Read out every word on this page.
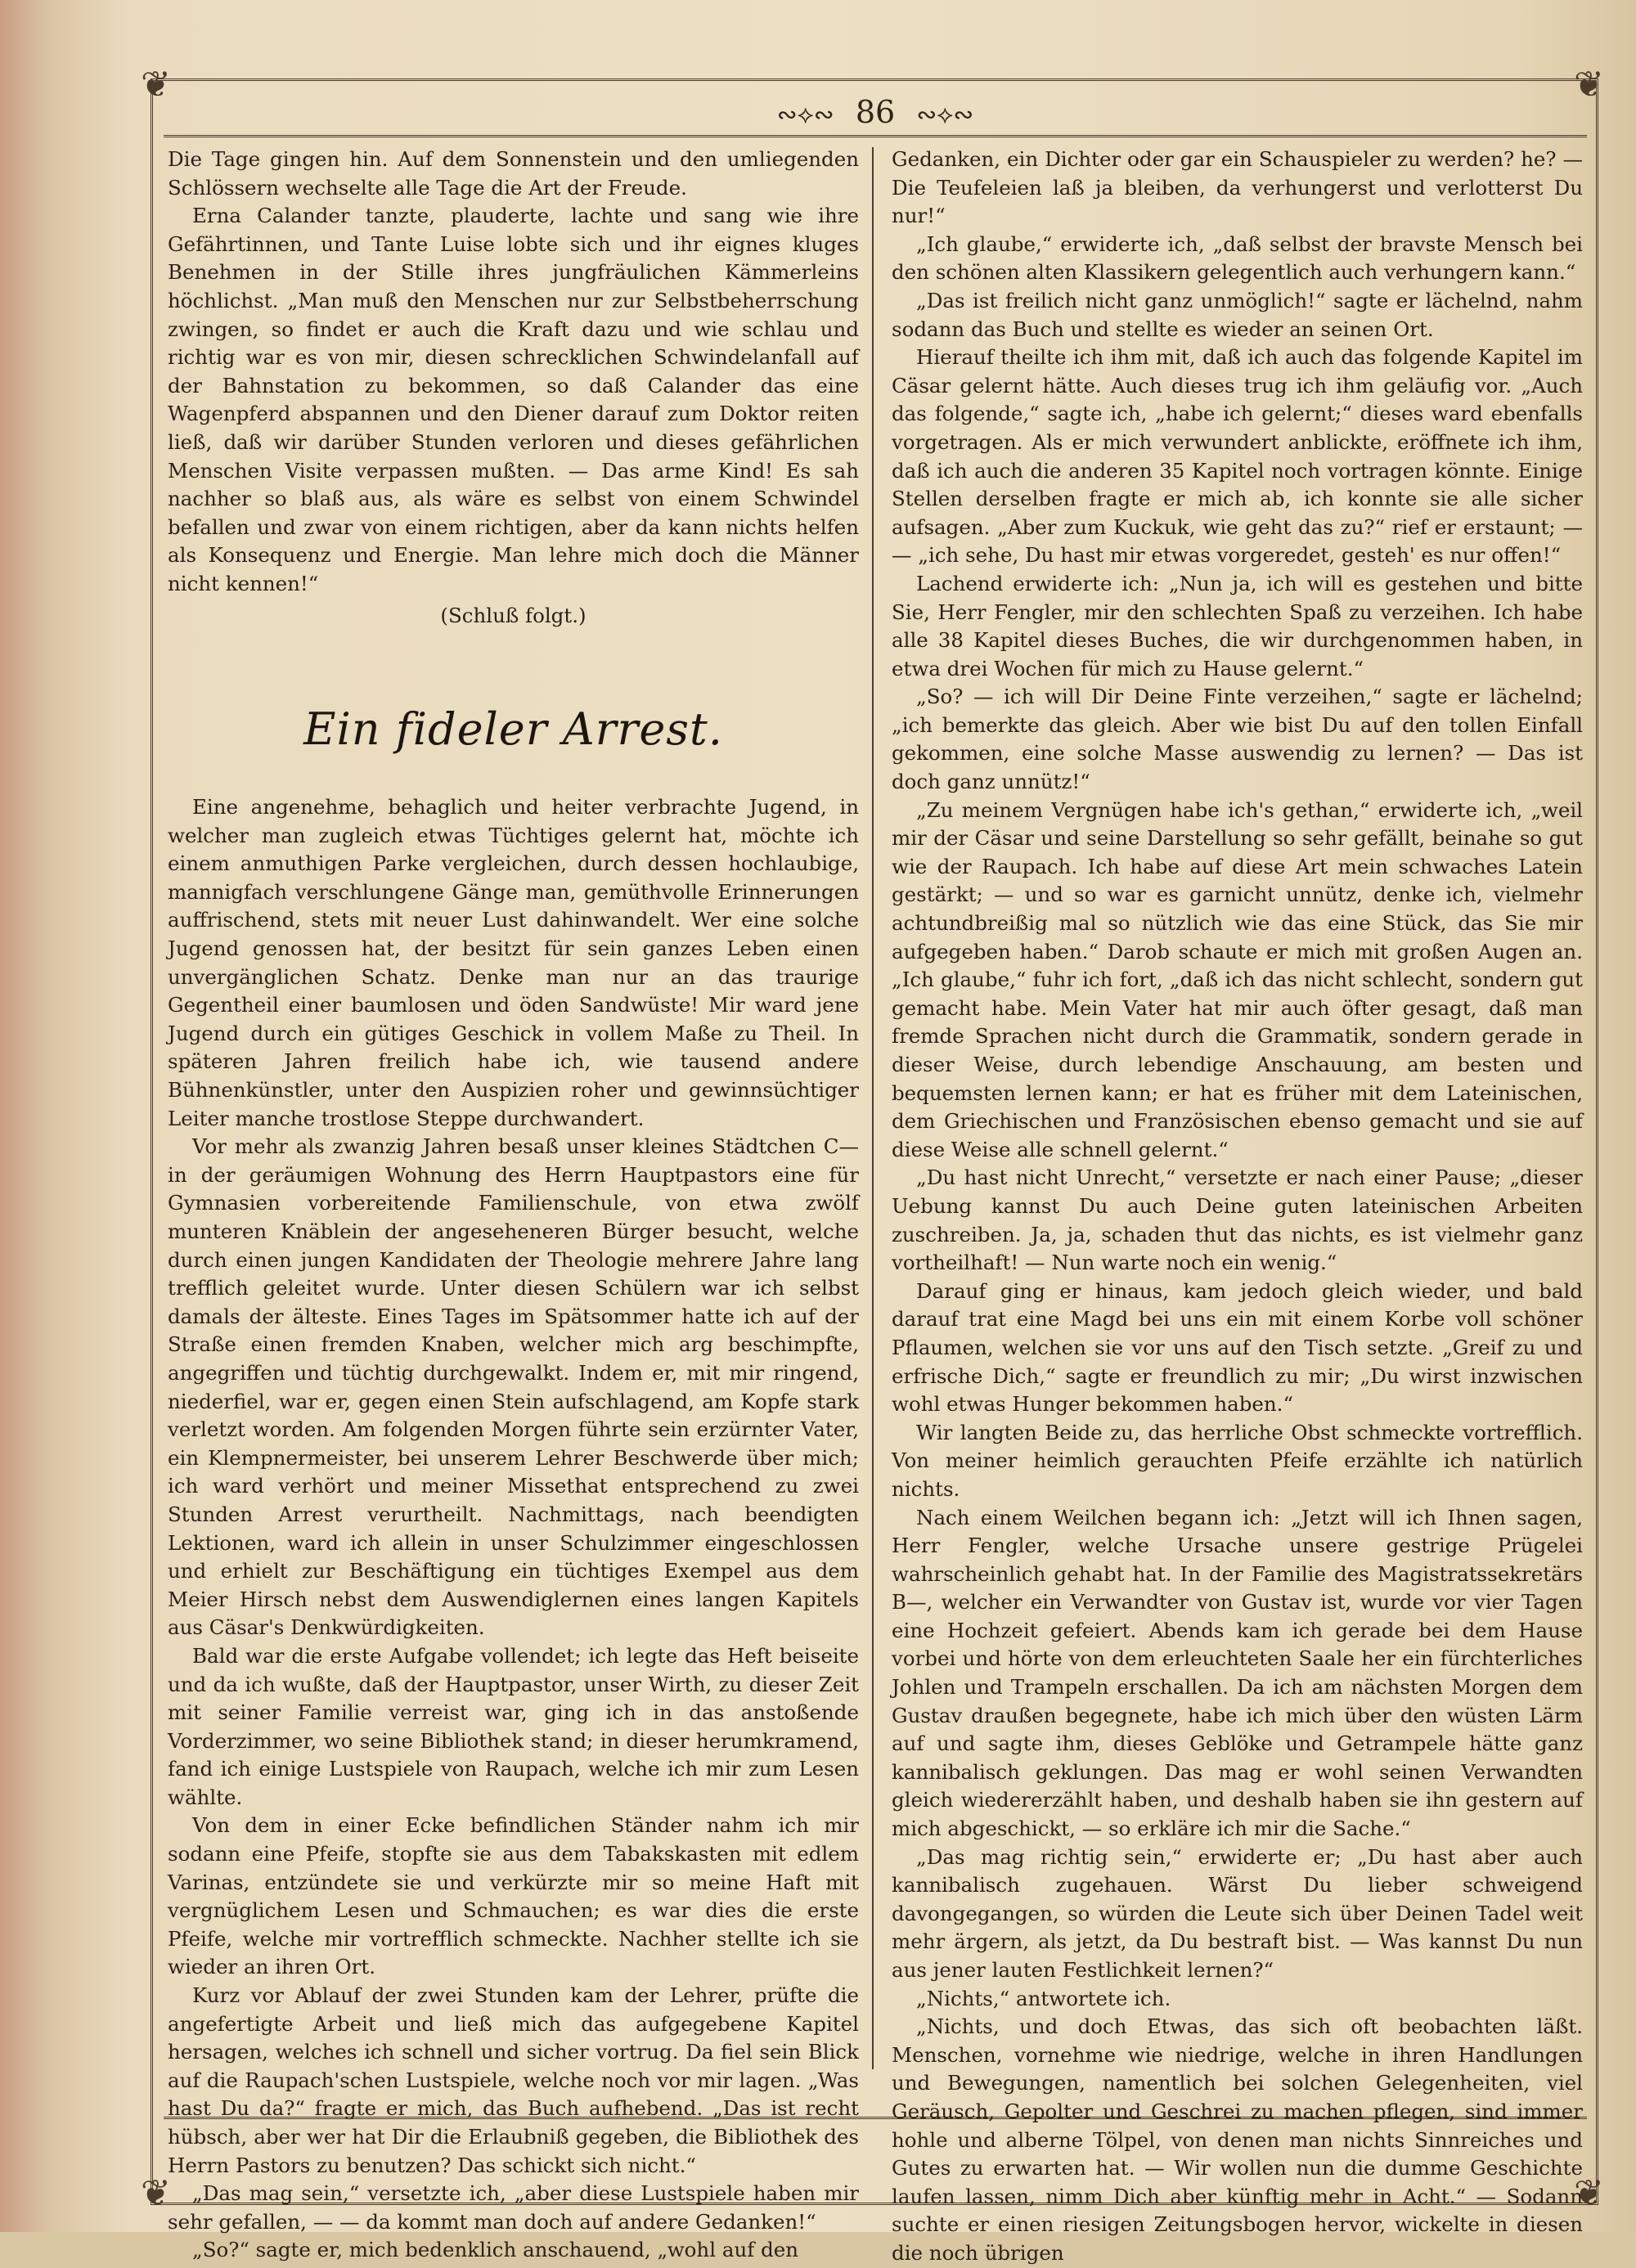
❦	❦
❦	❦
∾⟡∾ 86 ∾⟡∾

Die Tage gingen hin. Auf dem Sonnenstein und den umliegenden Schlössern wechselte alle Tage die Art der Freude.

Erna Calander tanzte, plauderte, lachte und sang wie ihre Gefährtinnen, und Tante Luise lobte sich und ihr eignes kluges Benehmen in der Stille ihres jungfräulichen Kämmerleins höchlichst. „Man muß den Menschen nur zur Selbstbeherrschung zwingen, so findet er auch die Kraft dazu und wie schlau und richtig war es von mir, diesen schrecklichen Schwindelanfall auf der Bahnstation zu bekommen, so daß Calander das eine Wagenpferd abspannen und den Diener darauf zum Doktor reiten ließ, daß wir darüber Stunden verloren und dieses gefährlichen Menschen Visite verpassen mußten. — Das arme Kind! Es sah nachher so blaß aus, als wäre es selbst von einem Schwindel befallen und zwar von einem richtigen, aber da kann nichts helfen als Konsequenz und Energie. Man lehre mich doch die Männer nicht kennen!“

(Schluß folgt.)

Ein fideler Arrest.

Eine angenehme, behaglich und heiter verbrachte Jugend, in welcher man zugleich etwas Tüchtiges gelernt hat, möchte ich einem anmuthigen Parke vergleichen, durch dessen hochlaubige, mannigfach verschlungene Gänge man, gemüthvolle Erinnerungen auffrischend, stets mit neuer Lust dahinwandelt. Wer eine solche Jugend genossen hat, der besitzt für sein ganzes Leben einen unvergänglichen Schatz. Denke man nur an das traurige Gegentheil einer baumlosen und öden Sandwüste! Mir ward jene Jugend durch ein gütiges Geschick in vollem Maße zu Theil. In späteren Jahren freilich habe ich, wie tausend andere Bühnenkünstler, unter den Auspizien roher und gewinnsüchtiger Leiter manche trostlose Steppe durchwandert.

Vor mehr als zwanzig Jahren besaß unser kleines Städtchen C— in der geräumigen Wohnung des Herrn Hauptpastors eine für Gymnasien vorbereitende Familienschule, von etwa zwölf munteren Knäblein der angeseheneren Bürger besucht, welche durch einen jungen Kandidaten der Theologie mehrere Jahre lang trefflich geleitet wurde. Unter diesen Schülern war ich selbst damals der älteste. Eines Tages im Spätsommer hatte ich auf der Straße einen fremden Knaben, welcher mich arg beschimpfte, angegriffen und tüchtig durchgewalkt. Indem er, mit mir ringend, niederfiel, war er, gegen einen Stein aufschlagend, am Kopfe stark verletzt worden. Am folgenden Morgen führte sein erzürnter Vater, ein Klempnermeister, bei unserem Lehrer Beschwerde über mich; ich ward verhört und meiner Missethat entsprechend zu zwei Stunden Arrest verurtheilt. Nachmittags, nach beendigten Lektionen, ward ich allein in unser Schulzimmer eingeschlossen und erhielt zur Beschäftigung ein tüchtiges Exempel aus dem Meier Hirsch nebst dem Auswendiglernen eines langen Kapitels aus Cäsar's Denkwürdigkeiten.

Bald war die erste Aufgabe vollendet; ich legte das Heft beiseite und da ich wußte, daß der Hauptpastor, unser Wirth, zu dieser Zeit mit seiner Familie verreist war, ging ich in das anstoßende Vorderzimmer, wo seine Bibliothek stand; in dieser herumkramend, fand ich einige Lustspiele von Raupach, welche ich mir zum Lesen wählte.

Von dem in einer Ecke befindlichen Ständer nahm ich mir sodann eine Pfeife, stopfte sie aus dem Tabakskasten mit edlem Varinas, entzündete sie und verkürzte mir so meine Haft mit vergnüglichem Lesen und Schmauchen; es war dies die erste Pfeife, welche mir vortrefflich schmeckte. Nachher stellte ich sie wieder an ihren Ort.

Kurz vor Ablauf der zwei Stunden kam der Lehrer, prüfte die angefertigte Arbeit und ließ mich das aufgegebene Kapitel hersagen, welches ich schnell und sicher vortrug. Da fiel sein Blick auf die Raupach'schen Lustspiele, welche noch vor mir lagen. „Was hast Du da?“ fragte er mich, das Buch aufhebend. „Das ist recht hübsch, aber wer hat Dir die Erlaubniß gegeben, die Bibliothek des Herrn Pastors zu benutzen? Das schickt sich nicht.“

„Das mag sein,“ versetzte ich, „aber diese Lustspiele haben mir sehr gefallen, — — da kommt man doch auf andere Gedanken!“

„So?“ sagte er, mich bedenklich anschauend, „wohl auf den

Gedanken, ein Dichter oder gar ein Schauspieler zu werden? he? — Die Teufeleien laß ja bleiben, da verhungerst und verlotterst Du nur!“

„Ich glaube,“ erwiderte ich, „daß selbst der bravste Mensch bei den schönen alten Klassikern gelegentlich auch verhungern kann.“

„Das ist freilich nicht ganz unmöglich!“ sagte er lächelnd, nahm sodann das Buch und stellte es wieder an seinen Ort.

Hierauf theilte ich ihm mit, daß ich auch das folgende Kapitel im Cäsar gelernt hätte. Auch dieses trug ich ihm geläufig vor. „Auch das folgende,“ sagte ich, „habe ich gelernt;“ dieses ward ebenfalls vorgetragen. Als er mich verwundert anblickte, eröffnete ich ihm, daß ich auch die anderen 35 Kapitel noch vortragen könnte. Einige Stellen derselben fragte er mich ab, ich konnte sie alle sicher aufsagen. „Aber zum Kuckuk, wie geht das zu?“ rief er erstaunt; — — „ich sehe, Du hast mir etwas vorgeredet, gesteh' es nur offen!“

Lachend erwiderte ich: „Nun ja, ich will es gestehen und bitte Sie, Herr Fengler, mir den schlechten Spaß zu verzeihen. Ich habe alle 38 Kapitel dieses Buches, die wir durchgenommen haben, in etwa drei Wochen für mich zu Hause gelernt.“

„So? — ich will Dir Deine Finte verzeihen,“ sagte er lächelnd; „ich bemerkte das gleich. Aber wie bist Du auf den tollen Einfall gekommen, eine solche Masse auswendig zu lernen? — Das ist doch ganz unnütz!“

„Zu meinem Vergnügen habe ich's gethan,“ erwiderte ich, „weil mir der Cäsar und seine Darstellung so sehr gefällt, beinahe so gut wie der Raupach. Ich habe auf diese Art mein schwaches Latein gestärkt; — und so war es garnicht unnütz, denke ich, vielmehr achtundbreißig mal so nützlich wie das eine Stück, das Sie mir aufgegeben haben.“ Darob schaute er mich mit großen Augen an. „Ich glaube,“ fuhr ich fort, „daß ich das nicht schlecht, sondern gut gemacht habe. Mein Vater hat mir auch öfter gesagt, daß man fremde Sprachen nicht durch die Grammatik, sondern gerade in dieser Weise, durch lebendige Anschauung, am besten und bequemsten lernen kann; er hat es früher mit dem Lateinischen, dem Griechischen und Französischen ebenso gemacht und sie auf diese Weise alle schnell gelernt.“

„Du hast nicht Unrecht,“ versetzte er nach einer Pause; „dieser Uebung kannst Du auch Deine guten lateinischen Arbeiten zuschreiben. Ja, ja, schaden thut das nichts, es ist vielmehr ganz vortheilhaft! — Nun warte noch ein wenig.“

Darauf ging er hinaus, kam jedoch gleich wieder, und bald darauf trat eine Magd bei uns ein mit einem Korbe voll schöner Pflaumen, welchen sie vor uns auf den Tisch setzte. „Greif zu und erfrische Dich,“ sagte er freundlich zu mir; „Du wirst inzwischen wohl etwas Hunger bekommen haben.“

Wir langten Beide zu, das herrliche Obst schmeckte vortrefflich. Von meiner heimlich gerauchten Pfeife erzählte ich natürlich nichts.

Nach einem Weilchen begann ich: „Jetzt will ich Ihnen sagen, Herr Fengler, welche Ursache unsere gestrige Prügelei wahrscheinlich gehabt hat. In der Familie des Magistratssekretärs B—, welcher ein Verwandter von Gustav ist, wurde vor vier Tagen eine Hochzeit gefeiert. Abends kam ich gerade bei dem Hause vorbei und hörte von dem erleuchteten Saale her ein fürchterliches Johlen und Trampeln erschallen. Da ich am nächsten Morgen dem Gustav draußen begegnete, habe ich mich über den wüsten Lärm auf und sagte ihm, dieses Geblöke und Getrampele hätte ganz kannibalisch geklungen. Das mag er wohl seinen Verwandten gleich wiedererzählt haben, und deshalb haben sie ihn gestern auf mich abgeschickt, — so erkläre ich mir die Sache.“

„Das mag richtig sein,“ erwiderte er; „Du hast aber auch kannibalisch zugehauen. Wärst Du lieber schweigend davongegangen, so würden die Leute sich über Deinen Tadel weit mehr ärgern, als jetzt, da Du bestraft bist. — Was kannst Du nun aus jener lauten Festlichkeit lernen?“

„Nichts,“ antwortete ich.

„Nichts, und doch Etwas, das sich oft beobachten läßt. Menschen, vornehme wie niedrige, welche in ihren Handlungen und Bewegungen, namentlich bei solchen Gelegenheiten, viel Geräusch, Gepolter und Geschrei zu machen pflegen, sind immer hohle und alberne Tölpel, von denen man nichts Sinnreiches und Gutes zu erwarten hat. — Wir wollen nun die dumme Geschichte laufen lassen, nimm Dich aber künftig mehr in Acht.“ — Sodann suchte er einen riesigen Zeitungsbogen hervor, wickelte in diesen die noch übrigen
